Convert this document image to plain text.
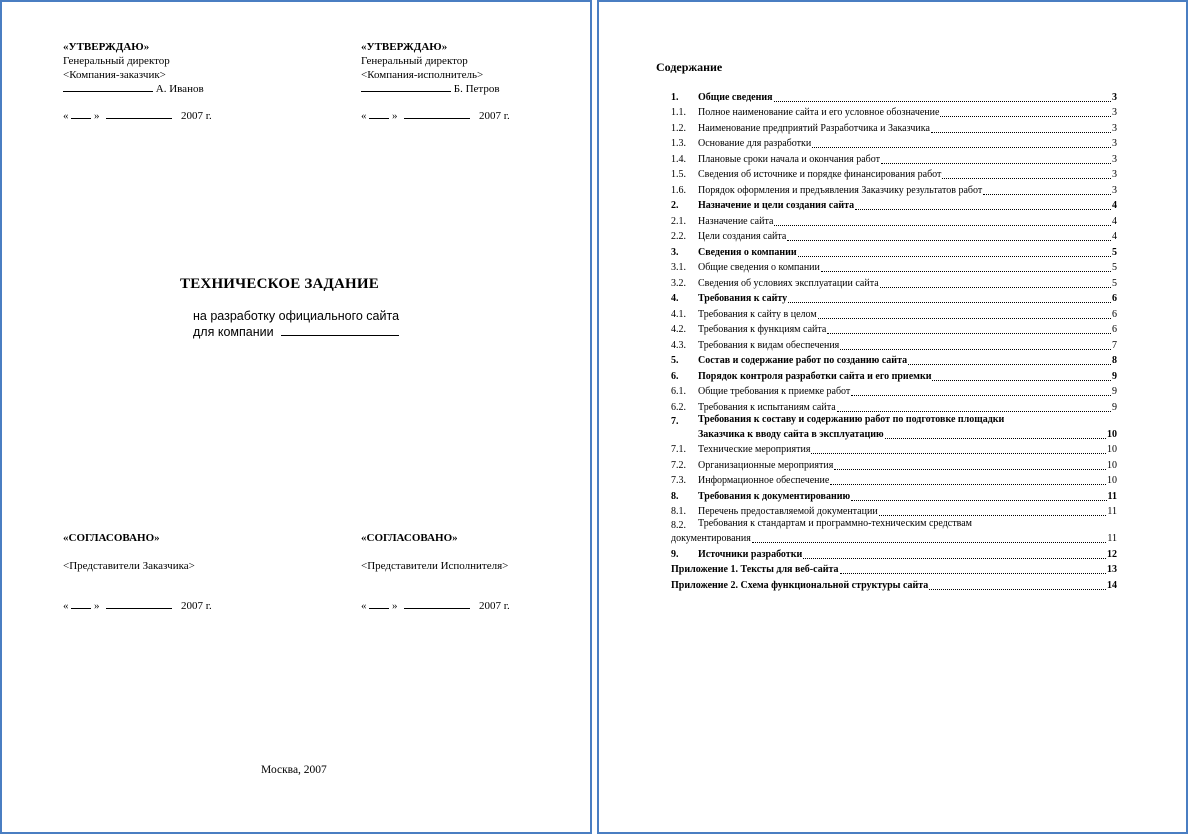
«УТВЕРЖДАЮ»
Генеральный директор
<Компания-заказчик>
А. Иванов
«  »	2007 г.
«УТВЕРЖДАЮ»
Генеральный директор
<Компания-исполнитель>
Б. Петров
«  »	2007 г.
ТЕХНИЧЕСКОЕ ЗАДАНИЕ
на разработку официального сайта
для компании
«СОГЛАСОВАНО»
<Представители Заказчика>
«  »	2007 г.
«СОГЛАСОВАНО»
<Представители Исполнителя>
«  »	2007 г.
Москва, 2007
Содержание
1.	Общие сведения	3
1.1.	Полное наименование сайта и его условное обозначение	3
1.2.	Наименование предприятий Разработчика и Заказчика	3
1.3.	Основание для разработки	3
1.4.	Плановые сроки начала и окончания работ	3
1.5.	Сведения об источнике и порядке финансирования работ	3
1.6.	Порядок оформления и предъявления Заказчику результатов работ	3
2.	Назначение и цели создания сайта	4
2.1.	Назначение сайта	4
2.2.	Цели создания сайта	4
3.	Сведения о компании	5
3.1.	Общие сведения о компании	5
3.2.	Сведения об условиях эксплуатации сайта	5
4.	Требования к сайту	6
4.1.	Требования к сайту в целом	6
4.2.	Требования к функциям сайта	6
4.3.	Требования к видам обеспечения	7
5.	Состав и содержание работ по созданию сайта	8
6.	Порядок контроля разработки сайта и его приемки	9
6.1.	Общие требования к приемке работ	9
6.2.	Требования к испытаниям сайта	9
7.	Требования к составу и содержанию работ по подготовке площадки
Заказчика к вводу сайта в эксплуатацию	10
7.1.	Технические мероприятия	10
7.2.	Организационные мероприятия	10
7.3.	Информационное обеспечение	10
8.	Требования к документированию	11
8.1.	Перечень предоставляемой документации	11
8.2.	Требования к стандартам и программно-техническим средствам
документирования	11
9.	Источники разработки	12
Приложение 1. Тексты для веб-сайта	13
Приложение 2. Схема функциональной структуры сайта	14
